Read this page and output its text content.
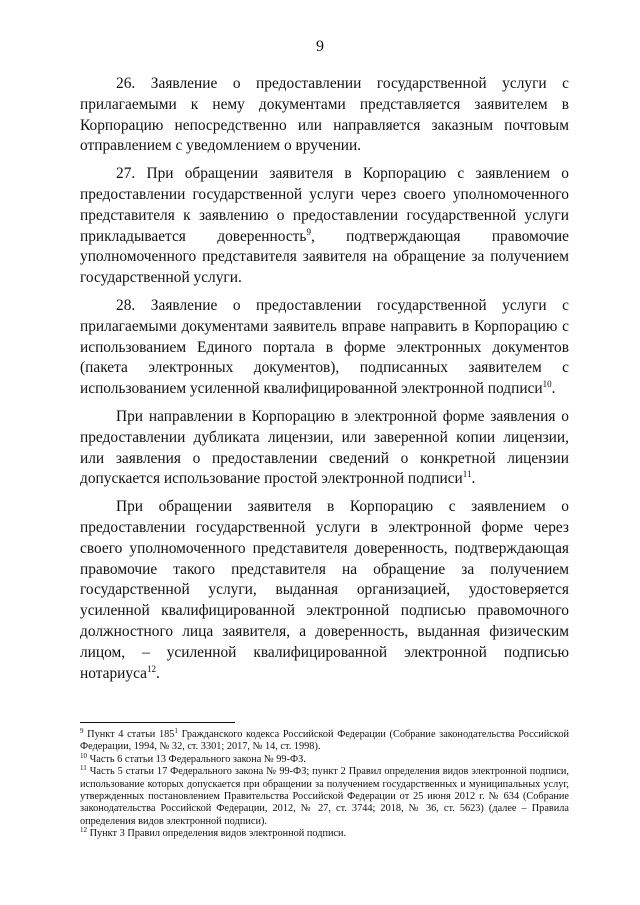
9

26. Заявление о предоставлении государственной услуги с прилагаемыми к нему документами представляется заявителем в Корпорацию непосредственно или направляется заказным почтовым отправлением с уведомлением о вручении.

27. При обращении заявителя в Корпорацию с заявлением о предоставлении государственной услуги через своего уполномоченного представителя к заявлению о предоставлении государственной услуги прикладывается доверенность$^9$, подтверждающая правомочие уполномоченного представителя заявителя на обращение за получением государственной услуги.

28. Заявление о предоставлении государственной услуги с прилагаемыми документами заявитель вправе направить в Корпорацию с использованием Единого портала в форме электронных документов (пакета электронных документов), подписанных заявителем с использованием усиленной квалифицированной электронной подписи$^{10}$.

При направлении в Корпорацию в электронной форме заявления о предоставлении дубликата лицензии, или заверенной копии лицензии, или заявления о предоставлении сведений о конкретной лицензии допускается использование простой электронной подписи$^{11}$.

При обращении заявителя в Корпорацию с заявлением о предоставлении государственной услуги в электронной форме через своего уполномоченного представителя доверенность, подтверждающая правомочие такого представителя на обращение за получением государственной услуги, выданная организацией, удостоверяется усиленной квалифицированной электронной подписью правомочного должностного лица заявителя, а доверенность, выданная физическим лицом, – усиленной квалифицированной электронной подписью нотариуса$^{12}$.

$^9$ Пункт 4 статьи $185^1$ Гражданского кодекса Российской Федерации (Собрание законодательства Российской Федерации, 1994, № 32, ст. 3301; 2017, № 14, ст. 1998).

$^{10}$ Часть 6 статьи 13 Федерального закона № 99-ФЗ.

$^{11}$ Часть 5 статьи 17 Федерального закона № 99-ФЗ; пункт 2 Правил определения видов электронной подписи, использование которых допускается при обращении за получением государственных и муниципальных услуг, утвержденных постановлением Правительства Российской Федерации от 25 июня 2012 г. № 634 (Собрание законодательства Российской Федерации, 2012, № 27, ст. 3744; 2018, № 36, ст. 5623) (далее – Правила определения видов электронной подписи).

$^{12}$ Пункт 3 Правил определения видов электронной подписи.
